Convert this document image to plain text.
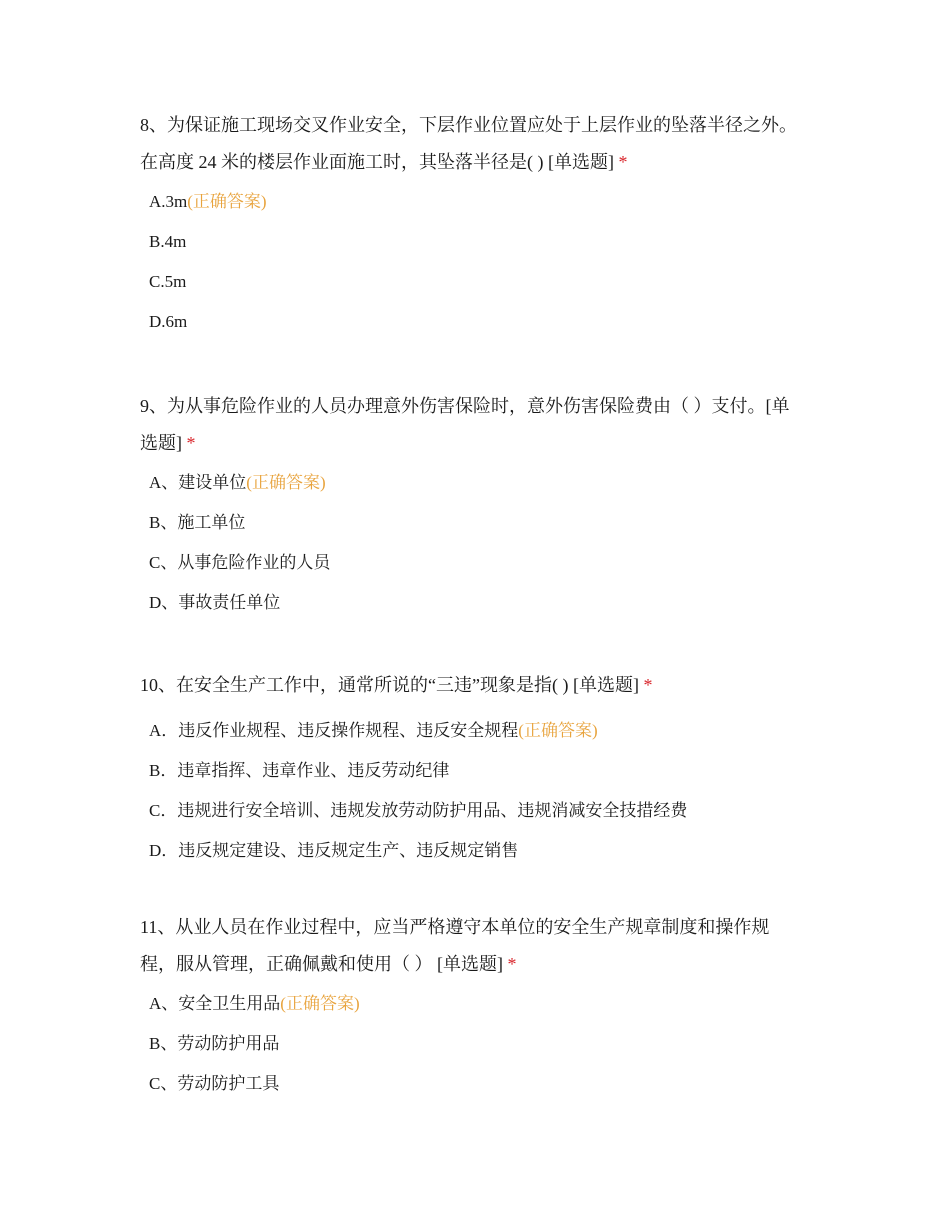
8、为保证施工现场交叉作业安全，下层作业位置应处于上层作业的坠落半径之外。在高度 24 米的楼层作业面施工时，其坠落半径是( ) [单选题] *

A.3m(正确答案)
B.4m
C.5m
D.6m

9、为从事危险作业的人员办理意外伤害保险时，意外伤害保险费由（ ）支付。[单选题] *

A、建设单位(正确答案)
B、施工单位
C、从事危险作业的人员
D、事故责任单位

10、在安全生产工作中，通常所说的“三违”现象是指( ) [单选题] *

A．违反作业规程、违反操作规程、违反安全规程(正确答案)
B．违章指挥、违章作业、违反劳动纪律
C．违规进行安全培训、违规发放劳动防护用品、违规消减安全技措经费
D．违反规定建设、违反规定生产、违反规定销售

11、从业人员在作业过程中，应当严格遵守本单位的安全生产规章制度和操作规程，服从管理，正确佩戴和使用（ ） [单选题] *

A、安全卫生用品(正确答案)
B、劳动防护用品
C、劳动防护工具
